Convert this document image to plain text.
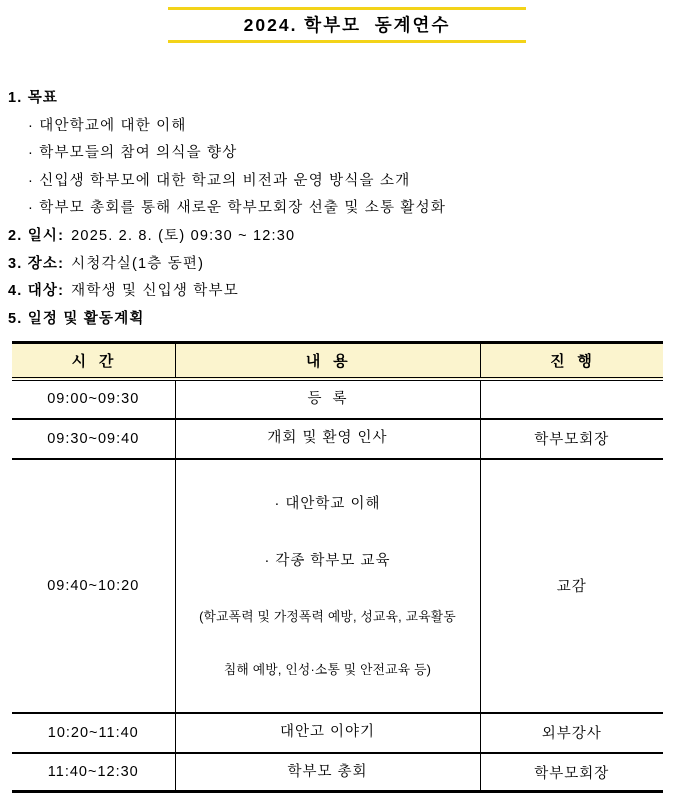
2024. 학부모  동계연수
1. 목표
· 대안학교에 대한 이해
· 학부모들의 참여 의식을 향상
· 신입생 학부모에 대한 학교의 비전과 운영 방식을 소개
· 학부모 총회를 통해 새로운 학부모회장 선출 및 소통 활성화
2. 일시: 2025. 2. 8. (토) 09:30 ~ 12:30
3. 장소: 시청각실(1층 동편)
4. 대상: 재학생 및 신입생 학부모
5. 일정 및 활동계획
시  간	내  용	진  행
09:00~09:30	등  록	

09:30~09:40	개회 및 환영 인사	학부모회장
09:40~10:20	· 대안학교 이해

· 각종 학부모 교육

(학교폭력 및 가정폭력 예방, 성교육, 교육활동

침해 예방, 인성·소통 및 안전교육 등)	교감
10:20~11:40	대안고 이야기	외부강사
11:40~12:30	학부모 총회	학부모회장
